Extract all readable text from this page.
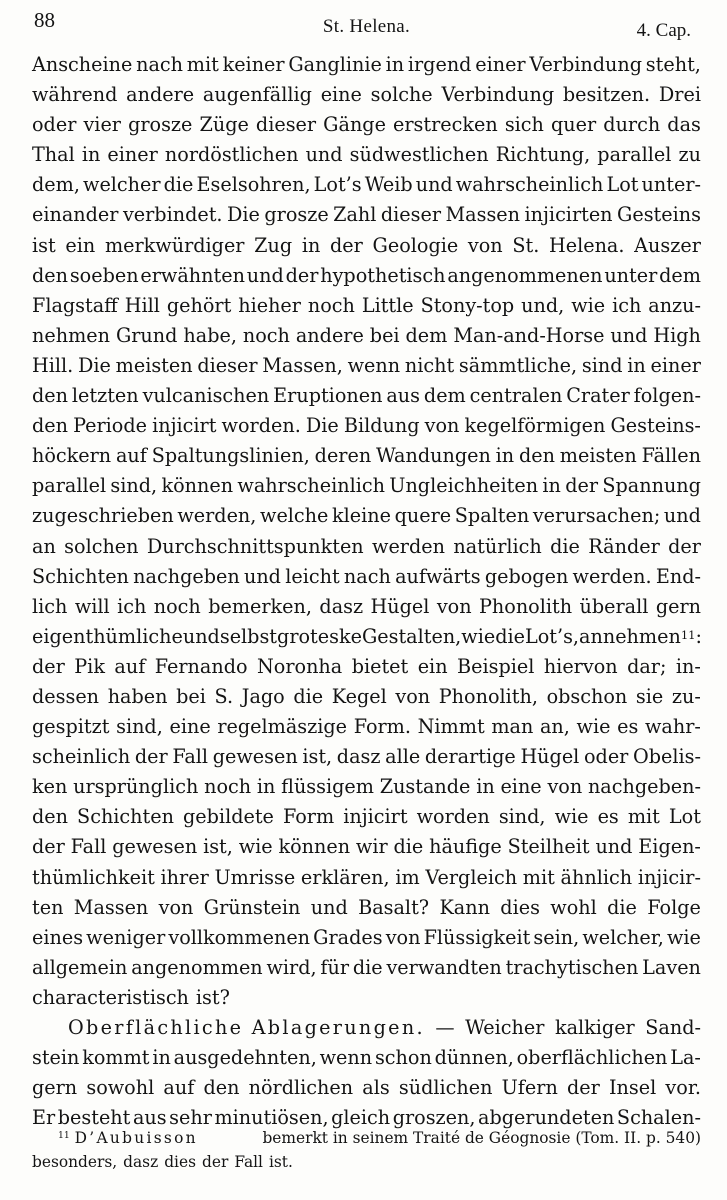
88	St. Helena.	4. Cap.
Anscheine nach mit keiner Ganglinie in irgend einer Verbindung steht,
während andere augenfällig eine solche Verbindung besitzen. Drei
oder vier grosze Züge dieser Gänge erstrecken sich quer durch das
Thal in einer nordöstlichen und südwestlichen Richtung, parallel zu
dem, welcher die Eselsohren, Lot’s Weib und wahrscheinlich Lot unter-
einander verbindet. Die grosze Zahl dieser Massen injicirten Gesteins
ist ein merkwürdiger Zug in der Geologie von St. Helena. Auszer
den soeben erwähnten und der hypothetisch angenommenen unter dem
Flagstaff Hill gehört hieher noch Little Stony-top und, wie ich anzu-
nehmen Grund habe, noch andere bei dem Man-and-Horse und High
Hill. Die meisten dieser Massen, wenn nicht sämmtliche, sind in einer
den letzten vulcanischen Eruptionen aus dem centralen Crater folgen-
den Periode injicirt worden. Die Bildung von kegelförmigen Gesteins-
höckern auf Spaltungslinien, deren Wandungen in den meisten Fällen
parallel sind, können wahrscheinlich Ungleichheiten in der Spannung
zugeschrieben werden, welche kleine quere Spalten verursachen; und
an solchen Durchschnittspunkten werden natürlich die Ränder der
Schichten nachgeben und leicht nach aufwärts gebogen werden. End-
lich will ich noch bemerken, dasz Hügel von Phonolith überall gern
eigenthümliche und selbst groteske Gestalten, wie die Lot’s, annehmen$^{11}$:
der Pik auf Fernando Noronha bietet ein Beispiel hiervon dar; in-
dessen haben bei S. Jago die Kegel von Phonolith, obschon sie zu-
gespitzt sind, eine regelmäszige Form. Nimmt man an, wie es wahr-
scheinlich der Fall gewesen ist, dasz alle derartige Hügel oder Obelis-
ken ursprünglich noch in flüssigem Zustande in eine von nachgeben-
den Schichten gebildete Form injicirt worden sind, wie es mit Lot
der Fall gewesen ist, wie können wir die häufige Steilheit und Eigen-
thümlichkeit ihrer Umrisse erklären, im Vergleich mit ähnlich injicir-
ten Massen von Grünstein und Basalt? Kann dies wohl die Folge
eines weniger vollkommenen Grades von Flüssigkeit sein, welcher, wie
allgemein angenommen wird, für die verwandten trachytischen Laven
characteristisch ist?
Oberflächliche Ablagerungen. — Weicher kalkiger Sand-
stein kommt in ausgedehnten, wenn schon dünnen, oberflächlichen La-
gern sowohl auf den nördlichen als südlichen Ufern der Insel vor.
Er besteht aus sehr minutiösen, gleich groszen, abgerundeten Schalen-
$^{11}$ D’Aubuisson	bemerkt in seinem Traité de Géognosie (Tom. II. p. 540)
besonders, dasz dies der Fall ist.
